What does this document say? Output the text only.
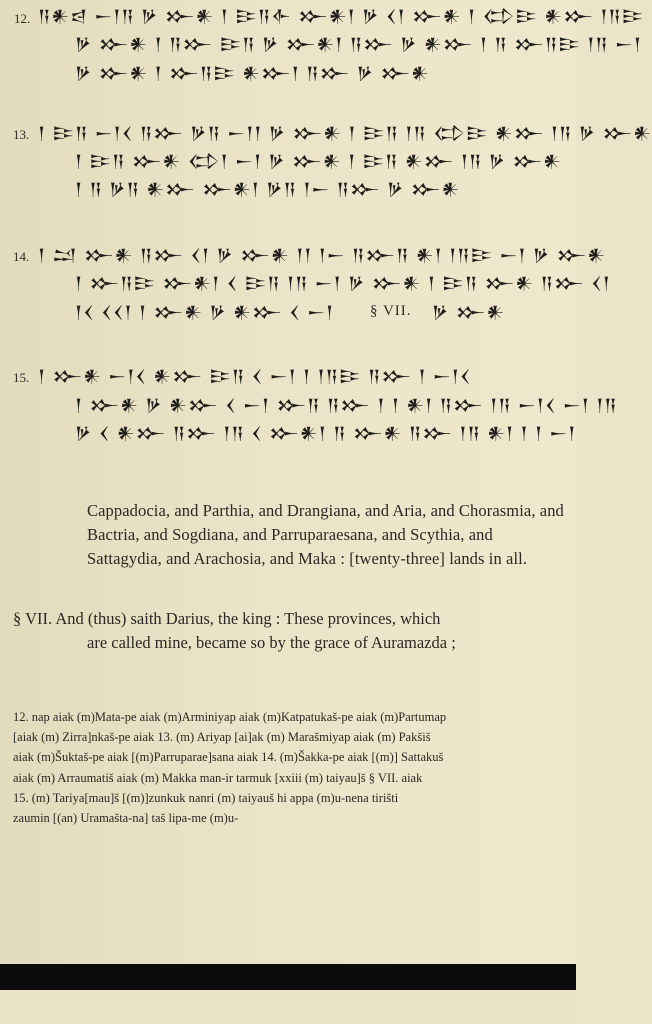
12. 𒀀𒀭𒁀 𒀸𒁹𒀀 𒃻 𒁍𒀭 𒁹 𒄿𒀀𒅆 𒁍𒀭𒁹 𒃻 𒌋𒁹 𒁍𒀭 𒁹 𒌌𒄿 𒀭𒁍 𒁹𒀀𒄿
𒃻 𒁍𒀭 𒁹 𒀀𒁍 𒄿𒀀 𒃻 𒁍𒀭𒁹 𒀀𒁍 𒃻 𒀭𒁍 𒁹 𒀀 𒁍𒀀𒄿 𒁹𒀀 𒀸𒁹
𒃻 𒁍𒀭 𒁹 𒁍𒀀𒄿 𒀭𒁍𒁹 𒀀𒁍 𒃻 𒁍𒀭
13. 𒁹 𒄿𒀀 𒀸𒁹𒌋 𒀀𒁍 𒃻𒀀 𒀸𒁹𒁹 𒃻 𒁍𒀭 𒁹 𒄿𒀀 𒁹𒀀 𒌌𒄿 𒀭𒁍 𒁹𒀀 𒃻 𒁍𒀭
𒁹 𒄿𒀀 𒁍𒀭 𒌌𒁹 𒀸𒁹 𒃻 𒁍𒀭 𒁹 𒄿𒀀 𒀭𒁍 𒁹𒀀 𒃻 𒁍𒀭
𒁹 𒀀 𒃻𒀀 𒀭𒁍 𒁍𒀭𒁹 𒃻𒀀 𒁹𒀸 𒀀𒁍 𒃻 𒁍𒀭
14. 𒁹 𒁺 𒁍𒀭 𒀀𒁍 𒌋𒁹 𒃻 𒁍𒀭 𒁹𒁹 𒁹𒀸 𒀀𒁍𒀀 𒀭𒁹 𒁹𒀀𒄿 𒀸𒁹 𒃻 𒁍𒀭
𒁹 𒁍𒀀𒄿 𒁍𒀭𒁹 𒌋 𒄿𒀀 𒁹𒀀 𒀸𒁹 𒃻 𒁍𒀭 𒁹 𒄿𒀀 𒁍𒀭 𒀀𒁍 𒌋𒁹
𒁹𒌋 𒌋𒌋𒁹 𒁹 𒁍𒀭 𒃻 𒀭𒁍 𒌋 𒀸𒁹 § VII. 𒃻 𒁍𒀭
15. 𒁹 𒁍𒀭 𒀸𒁹𒌋 𒀭𒁍 𒄿𒀀 𒌋 𒀸𒁹 𒁹 𒁹𒀀𒄿 𒀀𒁍 𒁹 𒀸𒁹𒌋
𒁹 𒁍𒀭 𒃻 𒀭𒁍 𒌋 𒀸𒁹 𒁍𒀀 𒀀𒁍 𒁹 𒁹 𒀭𒁹 𒀀𒁍 𒁹𒀀 𒀸𒁹𒌋 𒀸𒁹 𒁹𒀀
𒃻 𒌋 𒀭𒁍 𒀀𒁍 𒁹𒀀 𒌋 𒁍𒀭𒁹 𒀀 𒁍𒀭 𒀀𒁍 𒁹𒀀 𒀭𒁹 𒁹 𒁹 𒀸𒁹

Cappadocia, and Parthia, and Drangiana, and Aria, and Chorasmia, and Bactria, and Sogdiana, and Parruparaesana, and Scythia, and Sattagydia, and Arachosia, and Maka : [twenty-three] lands in all.

§ VII. And (thus) saith Darius, the king : These provinces, which
are called mine, became so by the grace of Auramazda ;
12. nap aiak (m)Mata-pe aiak (m)Arminiyap aiak (m)Katpatukaš-pe aiak (m)Partumap
[aiak (m) Zirra]nkaš-pe aiak 13. (m) Ariyap [ai]ak (m) Marašmiyap aiak (m) Pakšiš
aiak (m)Šuktaš-pe aiak [(m)Parruparae]sana aiak 14. (m)Šakka-pe aiak [(m)] Sattakuš
aiak (m) Arraumatiš aiak (m) Makka man-ir tarmuk [xxiii (m) taiyau]š § VII. aiak
15. (m) Tariya[mau]š [(m)]zunkuk nanri (m) taiyauš hi appa (m)u-nena tirišti
zaumin [(an) Uramašta-na] taš lipa-me (m)u-
